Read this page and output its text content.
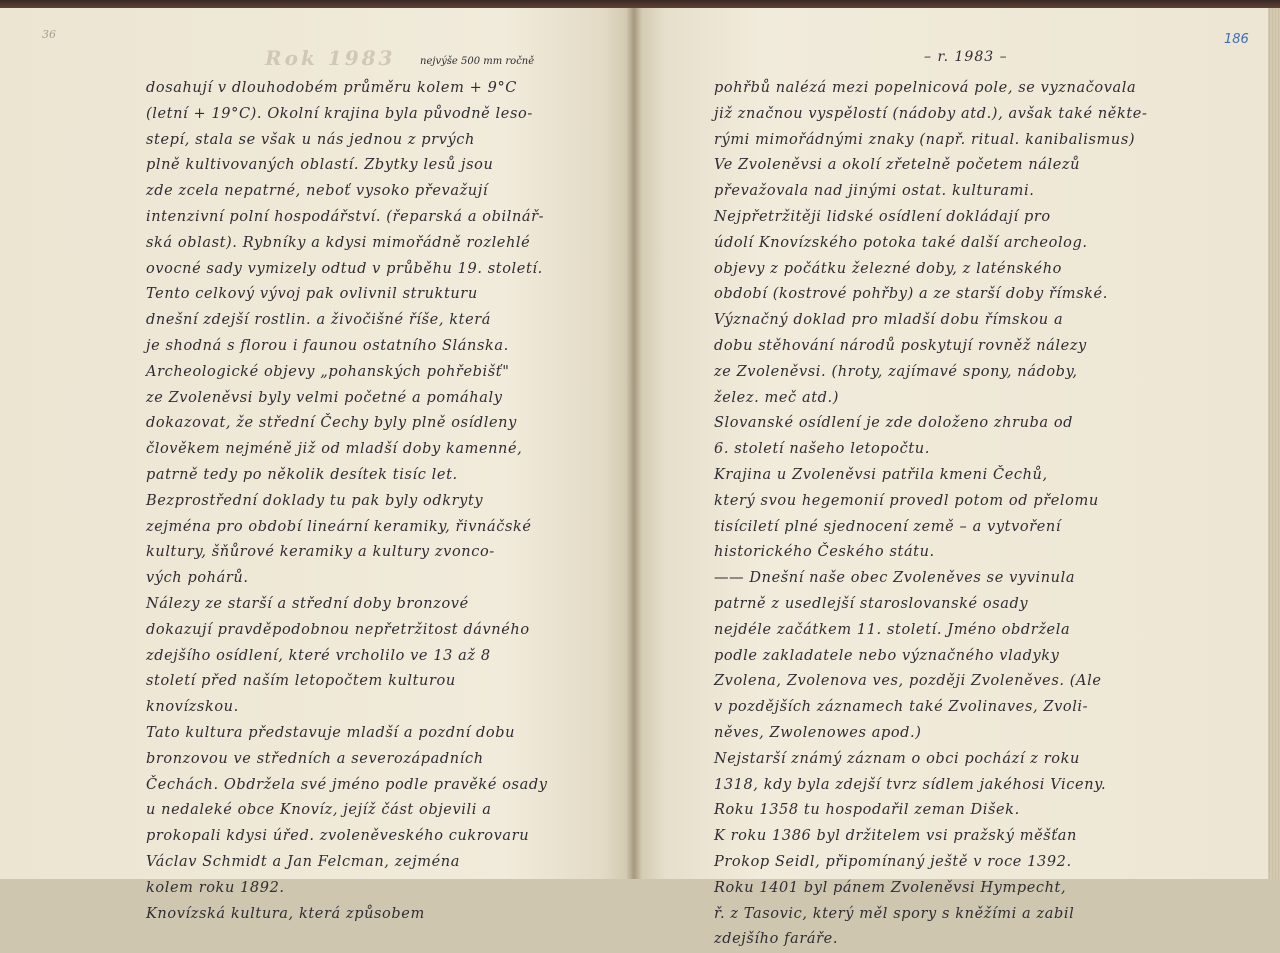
36
Rok 1983 nejvýše 500 mm ročně
dosahují v dlouhodobém průměru kolem + 9°C
(letní + 19°C). Okolní krajina byla původně leso-
stepí, stala se však u nás jednou z prvých
plně kultivovaných oblastí. Zbytky lesů jsou
zde zcela nepatrné, neboť vysoko převažují
intenzivní polní hospodářství. (řeparská a obilnář-
ská oblast). Rybníky a kdysi mimořádně rozlehlé
ovocné sady vymizely odtud v průběhu 19. století.
Tento celkový vývoj pak ovlivnil strukturu
dnešní zdejší rostlin. a živočišné říše, která
je shodná s florou i faunou ostatního Slánska.
Archeologické objevy „pohanských pohřebišť"
ze Zvoleněvsi byly velmi početné a pomáhaly
dokazovat, že střední Čechy byly plně osídleny
člověkem nejméně již od mladší doby kamenné,
patrně tedy po několik desítek tisíc let.
Bezprostřední doklady tu pak byly odkryty
zejména pro období lineární keramiky, řivnáčské
kultury, šňůrové keramiky a kultury zvonco-
vých pohárů.
Nálezy ze starší a střední doby bronzové
dokazují pravděpodobnou nepřetržitost dávného
zdejšího osídlení, které vrcholilo ve 13 až 8
století před naším letopočtem kulturou
knovízskou.
Tato kultura představuje mladší a pozdní dobu
bronzovou ve středních a severozápadních
Čechách. Obdržela své jméno podle pravěké osady
u nedaleké obce Knovíz, jejíž část objevili a
prokopali kdysi úřed. zvoleněveského cukrovaru
Václav Schmidt a Jan Felcman, zejména
kolem roku 1892.
Knovízská kultura, která způsobem
– r. 1983 –
186
pohřbů nalézá mezi popelnicová pole, se vyznačovala
již značnou vyspělostí (nádoby atd.), avšak také někte-
rými mimořádnými znaky (např. ritual. kanibalismus)
Ve Zvoleněvsi a okolí zřetelně početem nálezů
převažovala nad jinými ostat. kulturami.
Nejpřetržitěji lidské osídlení dokládají pro
údolí Knovízského potoka také další archeolog.
objevy z počátku železné doby, z laténského
období (kostrové pohřby) a ze starší doby římské.
Význačný doklad pro mladší dobu římskou a
dobu stěhování národů poskytují rovněž nálezy
ze Zvoleněvsi. (hroty, zajímavé spony, nádoby,
želez. meč atd.)
Slovanské osídlení je zde doloženo zhruba od
6. století našeho letopočtu.
Krajina u Zvoleněvsi patřila kmeni Čechů,
který svou hegemonií provedl potom od přelomu
tisíciletí plné sjednocení země – a vytvoření
historického Českého státu.
—— Dnešní naše obec Zvoleněves se vyvinula
patrně z usedlejší staroslovanské osady
nejdéle začátkem 11. století. Jméno obdržela
podle zakladatele nebo význačného vladyky
Zvolena, Zvolenova ves, později Zvoleněves. (Ale
v pozdějších záznamech také Zvolinaves, Zvoli-
něves, Zwolenowes apod.)
Nejstarší známý záznam o obci pochází z roku
1318, kdy byla zdejší tvrz sídlem jakéhosi Viceny.
Roku 1358 tu hospodařil zeman Dišek.
K roku 1386 byl držitelem vsi pražský měšťan
Prokop Seidl, připomínaný ještě v roce 1392.
Roku 1401 byl pánem Zvoleněvsi Hympecht,
ř. z Tasovic, který měl spory s kněžími a zabil
zdejšího faráře.
